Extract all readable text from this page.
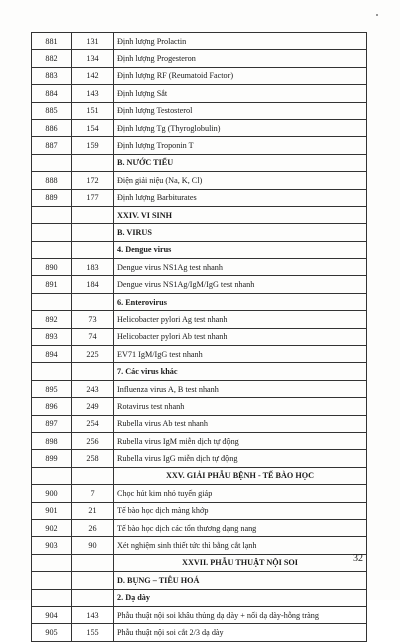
881	131	Định lượng Prolactin
882	134	Định lượng Progesteron
883	142	Định lượng RF (Reumatoid Factor)
884	143	Định lượng Sắt
885	151	Định lượng Testosterol
886	154	Định lượng Tg (Thyroglobulin)
887	159	Định lượng Troponin T
		B. NƯỚC TIỂU
888	172	Điện giải niệu (Na, K, Cl)
889	177	Định lượng Barbiturates
		XXIV. VI SINH
		B. VIRUS
		4. Dengue virus
890	183	Dengue virus NS1Ag test nhanh
891	184	Dengue virus NS1Ag/IgM/IgG test nhanh
		6. Enterovirus
892	73	Helicobacter pylori Ag test nhanh
893	74	Helicobacter pylori Ab test nhanh
894	225	EV71 IgM/IgG test nhanh
		7. Các virus khác
895	243	Influenza virus A, B test nhanh
896	249	Rotavirus test nhanh
897	254	Rubella virus Ab test nhanh
898	256	Rubella virus IgM miễn dịch tự động
899	258	Rubella virus IgG miễn dịch tự động
		XXV. GIẢI PHẪU BỆNH - TẾ BÀO HỌC
900	7	Chọc hút kim nhỏ tuyến giáp
901	21	Tế bào học dịch màng khớp
902	26	Tế bào học dịch các tổn thương dạng nang
903	90	Xét nghiệm sinh thiết tức thì bằng cắt lạnh
		XXVII. PHẪU THUẬT NỘI SOI
		D. BỤNG – TIÊU HOÁ
		2. Dạ dày
904	143	Phẫu thuật nội soi khâu thủng dạ dày + nối dạ dày-hỗng tràng
905	155	Phẫu thuật nội soi cắt 2/3 dạ dày
32
